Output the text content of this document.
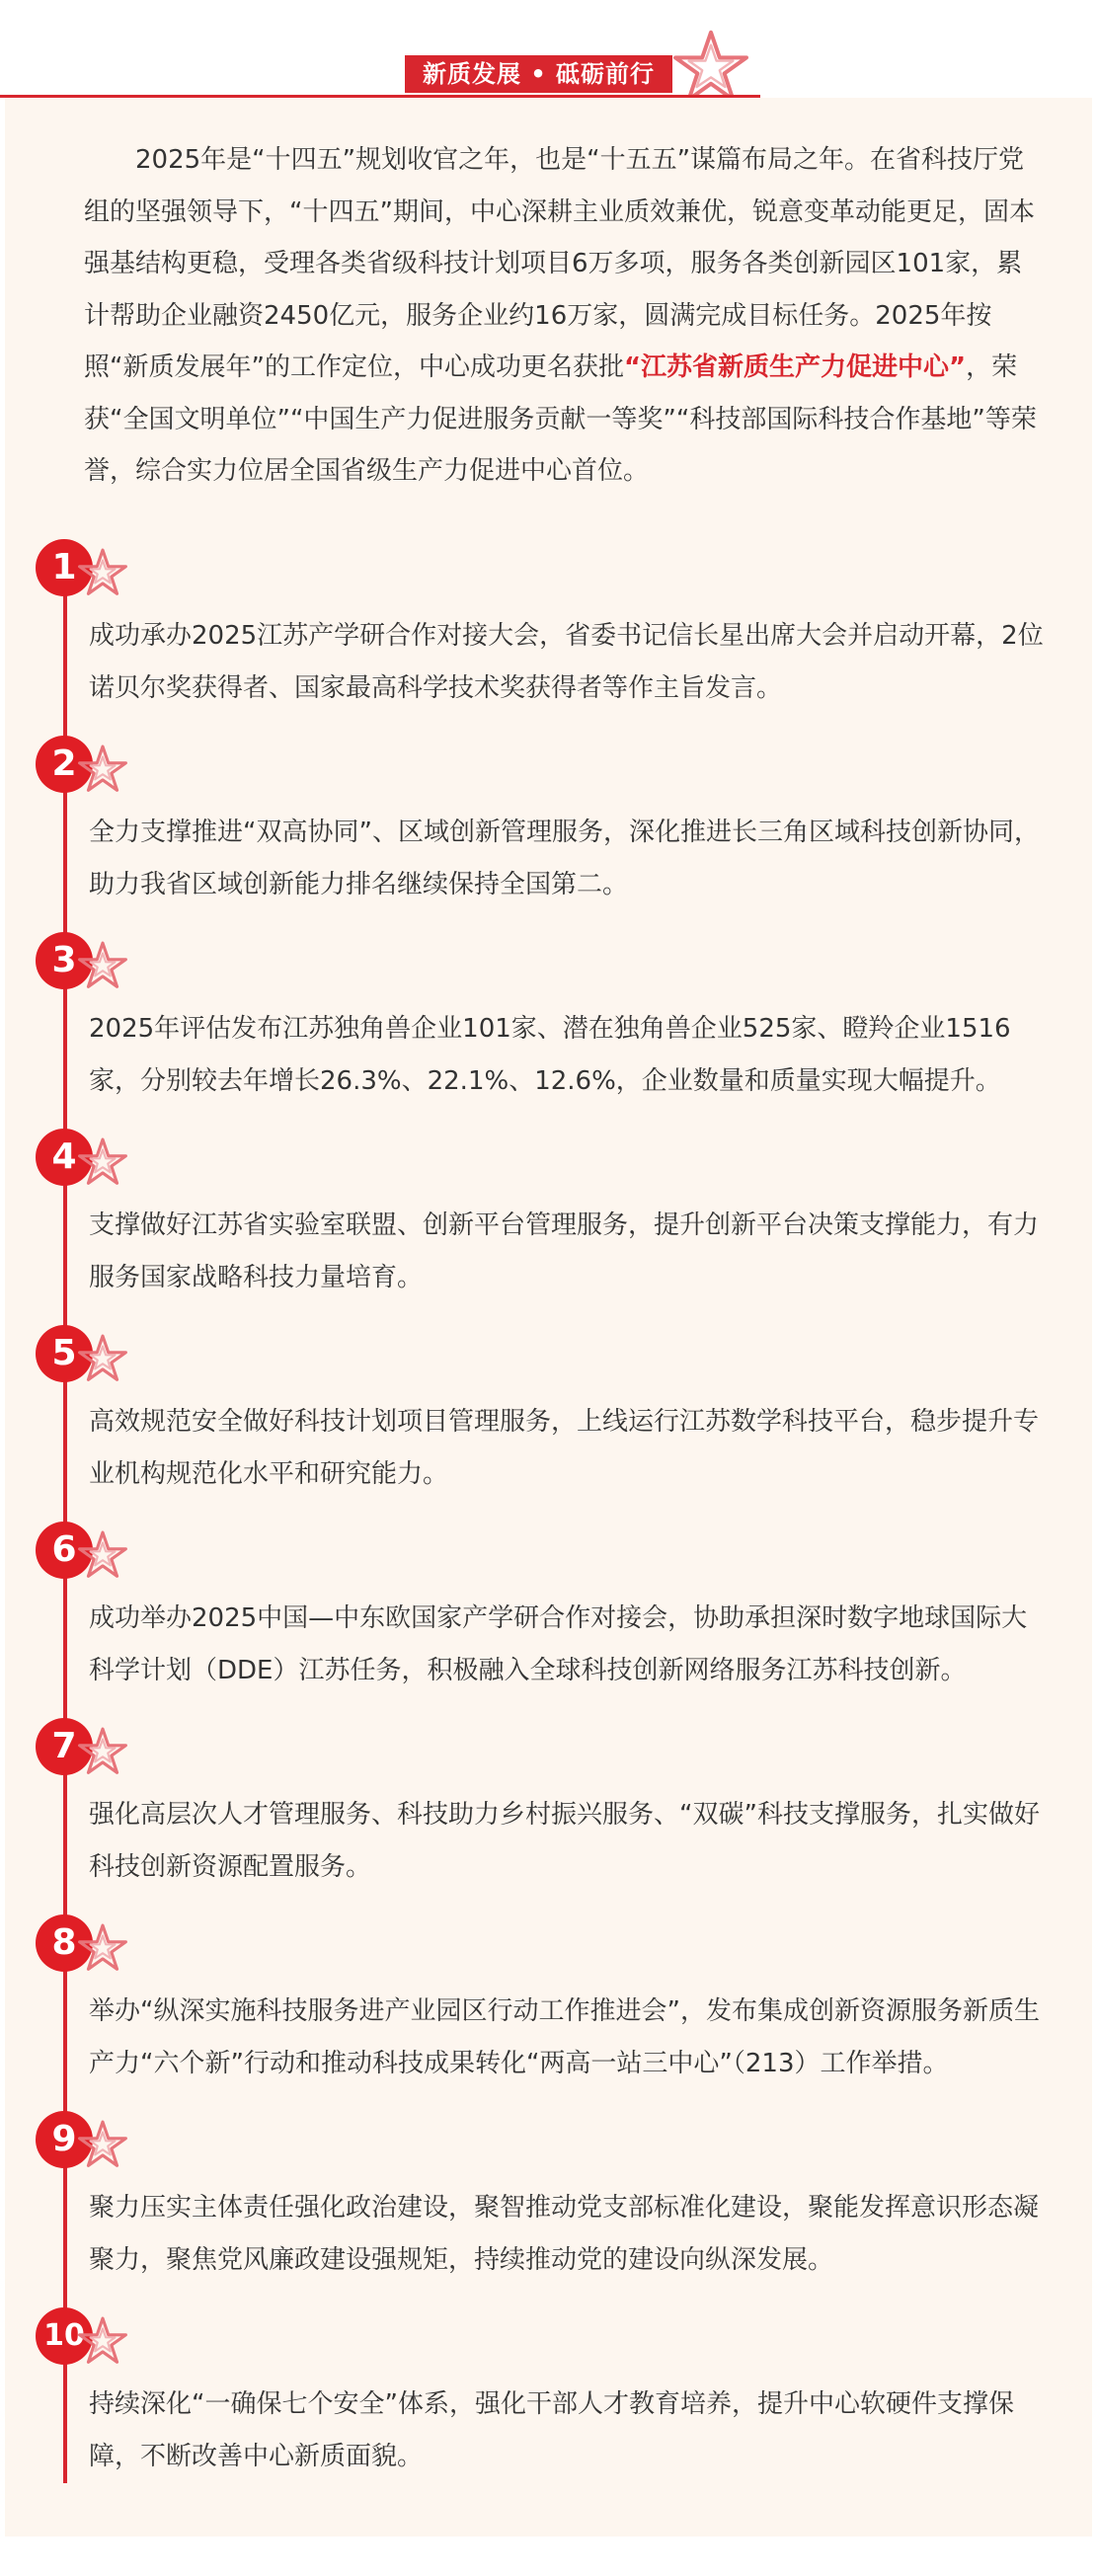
新质发展 • 砥砺前行

2025年是“十四五”规划收官之年，也是“十五五”谋篇布局之年。在省科技厅党组的坚强领导下，“十四五”期间，中心深耕主业质效兼优，锐意变革动能更足，固本强基结构更稳，受理各类省级科技计划项目6万多项，服务各类创新园区101家，累计帮助企业融资2450亿元，服务企业约16万家，圆满完成目标任务。2025年按照“新质发展年”的工作定位，中心成功更名获批“江苏省新质生产力促进中心”，荣获“全国文明单位”“中国生产力促进服务贡献一等奖”“科技部国际科技合作基地”等荣誉，综合实力位居全国省级生产力促进中心首位。

1

成功承办2025江苏产学研合作对接大会，省委书记信长星出席大会并启动开幕，2位诺贝尔奖获得者、国家最高科学技术奖获得者等作主旨发言。

2

全力支撑推进“双高协同”、区域创新管理服务，深化推进长三角区域科技创新协同，助力我省区域创新能力排名继续保持全国第二。

3

2025年评估发布江苏独角兽企业101家、潜在独角兽企业525家、瞪羚企业1516家，分别较去年增长26.3%、22.1%、12.6%，企业数量和质量实现大幅提升。

4

支撑做好江苏省实验室联盟、创新平台管理服务，提升创新平台决策支撑能力，有力服务国家战略科技力量培育。

5

高效规范安全做好科技计划项目管理服务，上线运行江苏数学科技平台，稳步提升专业机构规范化水平和研究能力。

6

成功举办2025中国—中东欧国家产学研合作对接会，协助承担深时数字地球国际大科学计划（DDE）江苏任务，积极融入全球科技创新网络服务江苏科技创新。

7

强化高层次人才管理服务、科技助力乡村振兴服务、“双碳”科技支撑服务，扎实做好科技创新资源配置服务。

8

举办“纵深实施科技服务进产业园区行动工作推进会”，发布集成创新资源服务新质生产力“六个新”行动和推动科技成果转化“两高一站三中心”（213）工作举措。

9

聚力压实主体责任强化政治建设，聚智推动党支部标准化建设，聚能发挥意识形态凝聚力，聚焦党风廉政建设强规矩，持续推动党的建设向纵深发展。

10

持续深化“一确保七个安全”体系，强化干部人才教育培养，提升中心软硬件支撑保障，不断改善中心新质面貌。
